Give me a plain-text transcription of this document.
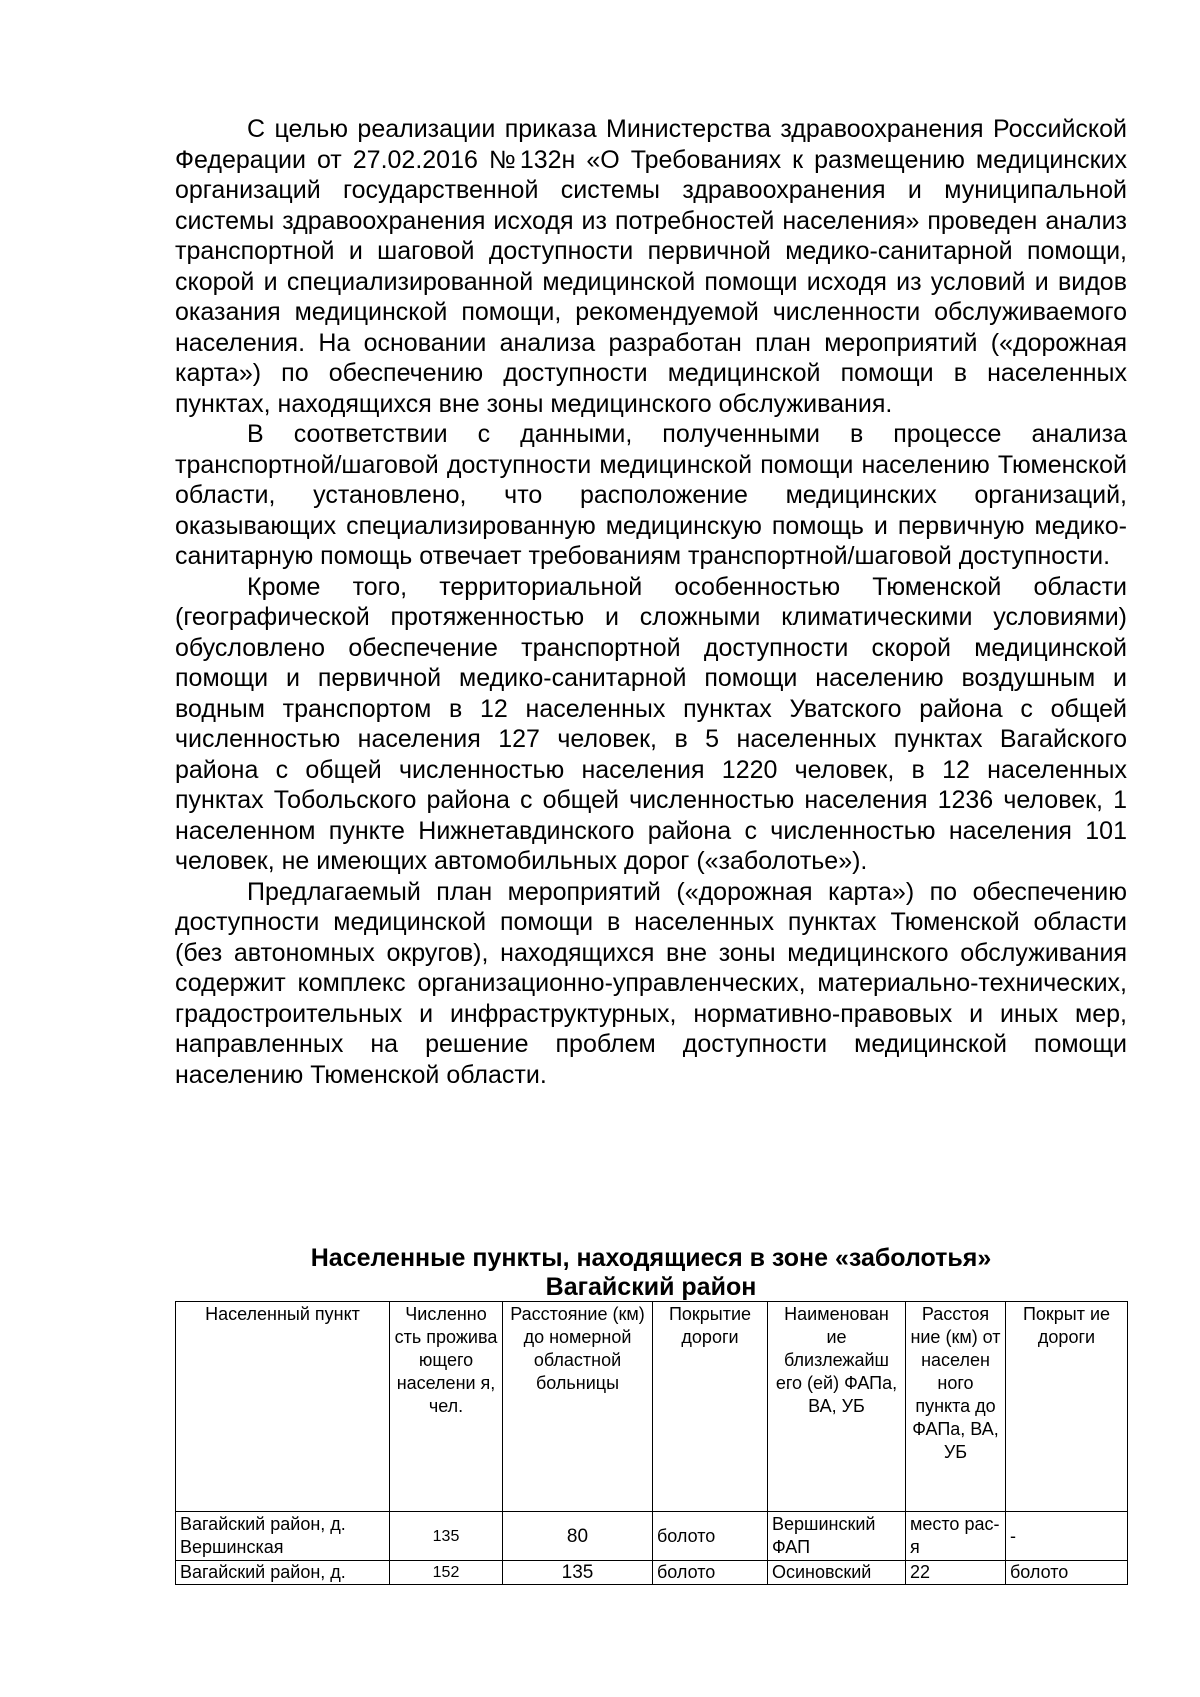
С целью реализации приказа Министерства здравоохранения Российской Федерации от 27.02.2016 №132н «О Требованиях к размещению медицинских организаций государственной системы здравоохранения и муниципальной системы здравоохранения исходя из потребностей населения» проведен анализ транспортной и шаговой доступности первичной медико-санитарной помощи, скорой и специализированной медицинской помощи исходя из условий и видов оказания медицинской помощи, рекомендуемой численности обслуживаемого населения. На основании анализа разработан план мероприятий («дорожная карта») по обеспечению доступности медицинской помощи в населенных пунктах, находящихся вне зоны медицинского обслуживания.

В соответствии с данными, полученными в процессе анализа транспортной/шаговой доступности медицинской помощи населению Тюменской области, установлено, что расположение медицинских организаций, оказывающих специализированную медицинскую помощь и первичную медико-санитарную помощь отвечает требованиям транспортной/шаговой доступности.

Кроме того, территориальной особенностью Тюменской области (географической протяженностью и сложными климатическими условиями) обусловлено обеспечение транспортной доступности скорой медицинской помощи и первичной медико-санитарной помощи населению воздушным и водным транспортом в 12 населенных пунктах Уватского района с общей численностью населения 127 человек, в 5 населенных пунктах Вагайского района с общей численностью населения 1220 человек, в 12 населенных пунктах Тобольского района с общей численностью населения 1236 человек, 1 населенном пункте Нижнетавдинского района с численностью населения 101 человек, не имеющих автомобильных дорог («заболотье»).

Предлагаемый план мероприятий («дорожная карта») по обеспечению доступности медицинской помощи в населенных пунктах Тюменской области (без автономных округов), находящихся вне зоны медицинского обслуживания содержит комплекс организационно-управленческих, материально-технических, градостроительных и инфраструктурных, нормативно-правовых и иных мер, направленных на решение проблем доступности медицинской помощи населению Тюменской области.

Населенные пункты, находящиеся в зоне «заболотья»
Вагайский район
Населенный пункт	Численно сть прожива ющего населени я, чел.	Расстояние (км) до номерной областной больницы	Покрытие дороги	Наименован ие близлежайш его (ей) ФАПа, ВА, УБ	Расстоя ние (км) от населен ного пункта до ФАПа, ВА, УБ	Покрыт ие дороги
Вагайский район, д. Вершинская	135	80	болото	Вершинский ФАП	место рас-я	-
Вагайский район, д.	152	135	болото	Осиновский	22	болото
